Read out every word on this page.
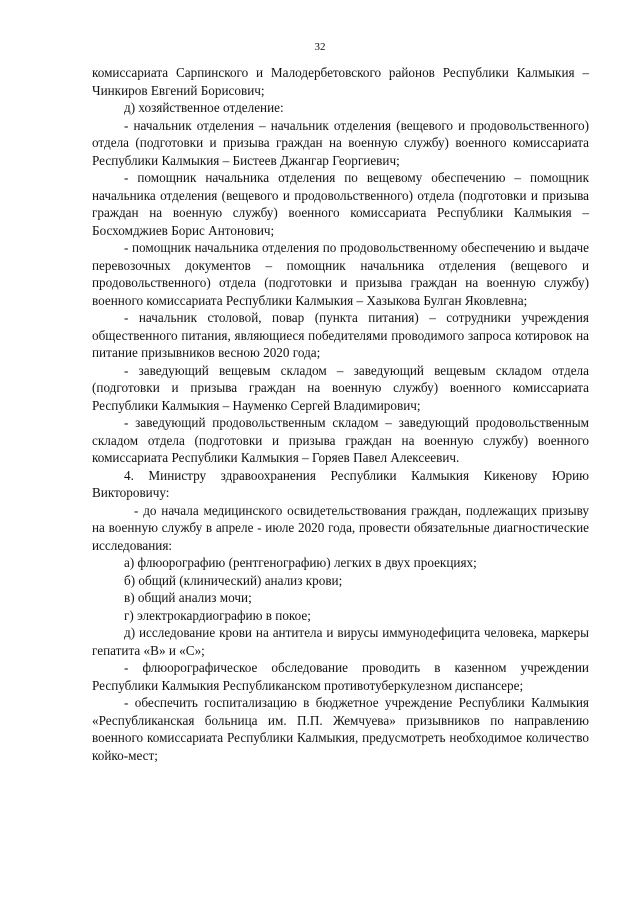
32

комиссариата Сарпинского и Малодербетовского районов Республики Калмыкия – Чинкиров Евгений Борисович;

д) хозяйственное отделение:

- начальник отделения – начальник отделения (вещевого и продовольственного) отдела (подготовки и призыва граждан на военную службу) военного комиссариата Республики Калмыкия – Бистеев Джангар Георгиевич;

- помощник начальника отделения по вещевому обеспечению – помощник начальника отделения (вещевого и продовольственного) отдела (подготовки и призыва граждан на военную службу) военного комиссариата Республики Калмыкия – Босхомджиев Борис Антонович;

- помощник начальника отделения по продовольственному обеспечению и выдаче перевозочных документов – помощник начальника отделения (вещевого и продовольственного) отдела (подготовки и призыва граждан на военную службу) военного комиссариата Республики Калмыкия – Хазыкова Булган Яковлевна;

- начальник столовой, повар (пункта питания) – сотрудники учреждения общественного питания, являющиеся победителями проводимого запроса котировок на питание призывников весною 2020 года;

- заведующий вещевым складом – заведующий вещевым складом отдела (подготовки и призыва граждан на военную службу) военного комиссариата Республики Калмыкия – Науменко Сергей Владимирович;

- заведующий продовольственным складом – заведующий продовольственным складом отдела (подготовки и призыва граждан на военную службу) военного комиссариата Республики Калмыкия – Горяев Павел Алексеевич.

4. Министру здравоохранения Республики Калмыкия Кикенову Юрию Викторовичу:

- до начала медицинского освидетельствования граждан, подлежащих призыву на военную службу в апреле - июле 2020 года, провести обязательные диагностические исследования:

а) флюорографию (рентгенографию) легких в двух проекциях;

б) общий (клинический) анализ крови;

в) общий анализ мочи;

г) электрокардиографию в покое;

д) исследование крови на антитела и вирусы иммунодефицита человека, маркеры гепатита «В» и «С»;

- флюорографическое обследование проводить в казенном учреждении Республики Калмыкия Республиканском противотуберкулезном диспансере;

- обеспечить госпитализацию в бюджетное учреждение Республики Калмыкия «Республиканская больница им. П.П. Жемчуева» призывников по направлению военного комиссариата Республики Калмыкия, предусмотреть необходимое количество койко-мест;
